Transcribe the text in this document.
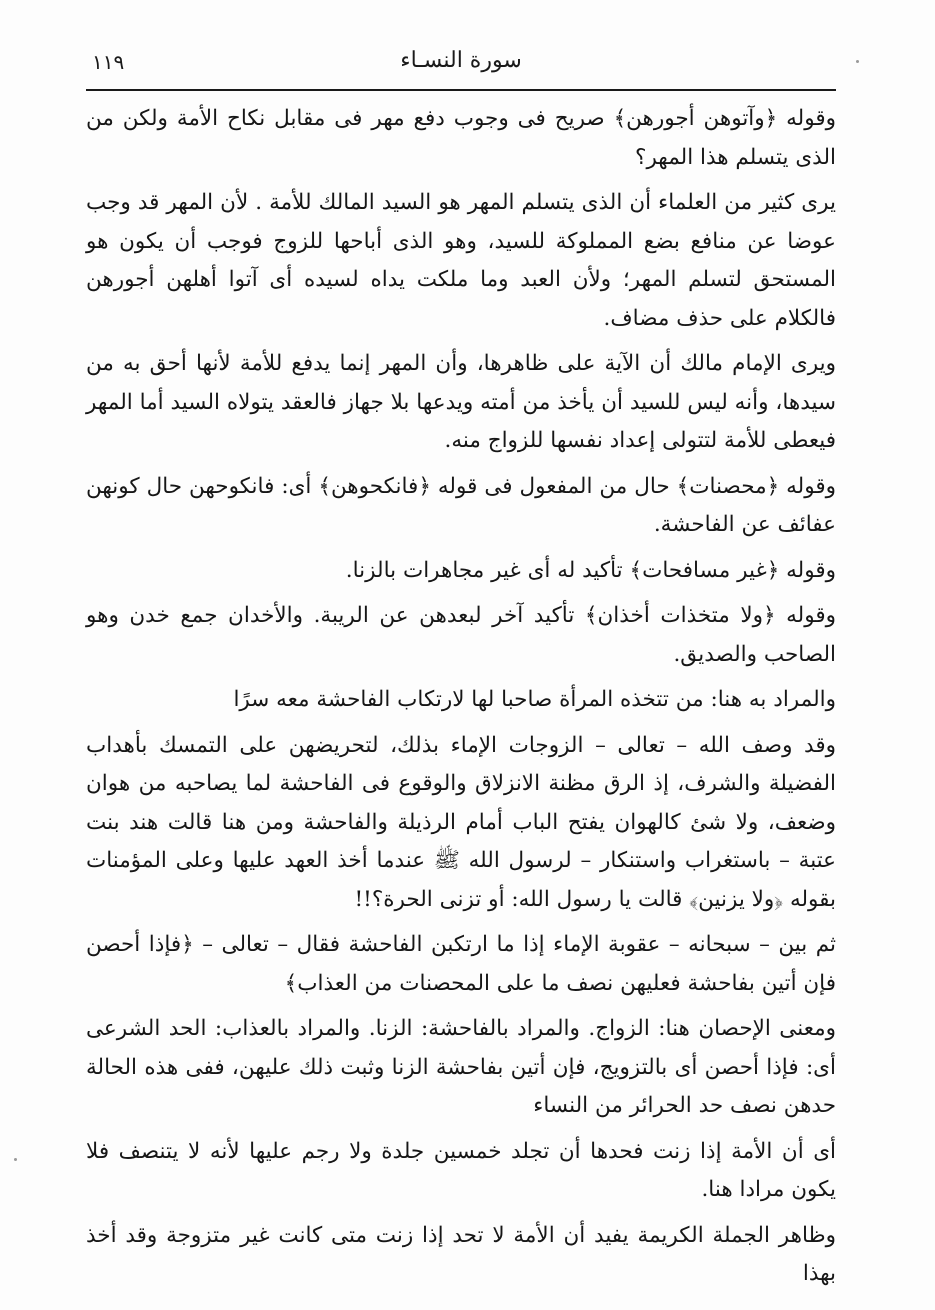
١١٩	سورة النسـاء

وقوله ﴿وآتوهن أجورهن﴾ صريح فى وجوب دفع مهر فى مقابل نكاح الأمة ولكن من الذى يتسلم هذا المهر؟

يرى كثير من العلماء أن الذى يتسلم المهر هو السيد المالك للأمة . لأن المهر قد وجب عوضا عن منافع بضع المملوكة للسيد، وهو الذى أباحها للزوج فوجب أن يكون هو المستحق لتسلم المهر؛ ولأن العبد وما ملكت يداه لسيده أى آتوا أهلهن أجورهن فالكلام على حذف مضاف.

ويرى الإمام مالك أن الآية على ظاهرها، وأن المهر إنما يدفع للأمة لأنها أحق به من سيدها، وأنه ليس للسيد أن يأخذ من أمته ويدعها بلا جهاز فالعقد يتولاه السيد أما المهر فيعطى للأمة لتتولى إعداد نفسها للزواج منه.

وقوله ﴿محصنات﴾ حال من المفعول فى قوله ﴿فانكحوهن﴾ أى: فانكوحهن حال كونهن عفائف عن الفاحشة.

وقوله ﴿غير مسافحات﴾ تأكيد له أى غير مجاهرات بالزنا.

وقوله ﴿ولا متخذات أخذان﴾ تأكيد آخر لبعدهن عن الريبة. والأخدان جمع خدن وهو الصاحب والصديق.

والمراد به هنا: من تتخذه المرأة صاحبا لها لارتكاب الفاحشة معه سرًا

وقد وصف الله – تعالى – الزوجات الإماء بذلك، لتحريضهن على التمسك بأهداب الفضيلة والشرف، إذ الرق مظنة الانزلاق والوقوع فى الفاحشة لما يصاحبه من هوان وضعف، ولا شئ كالهوان يفتح الباب أمام الرذيلة والفاحشة ومن هنا قالت هند بنت عتبة – باستغراب واستنكار – لرسول الله ﷺ عندما أخذ العهد عليها وعلى المؤمنات بقوله ﴿ولا يزنين﴾ قالت يا رسول الله: أو تزنى الحرة؟!!

ثم بين – سبحانه – عقوبة الإماء إذا ما ارتكبن الفاحشة فقال – تعالى – ﴿فإذا أحصن فإن أتين بفاحشة فعليهن نصف ما على المحصنات من العذاب﴾

ومعنى الإحصان هنا: الزواج. والمراد بالفاحشة: الزنا. والمراد بالعذاب: الحد الشرعى أى: فإذا أحصن أى بالتزويج، فإن أتين بفاحشة الزنا وثبت ذلك عليهن، ففى هذه الحالة حدهن نصف حد الحرائر من النساء

أى أن الأمة إذا زنت فحدها أن تجلد خمسين جلدة ولا رجم عليها لأنه لا يتنصف فلا يكون مرادا هنا.

وظاهر الجملة الكريمة يفيد أن الأمة لا تحد إذا زنت متى كانت غير متزوجة وقد أخذ بهذا
